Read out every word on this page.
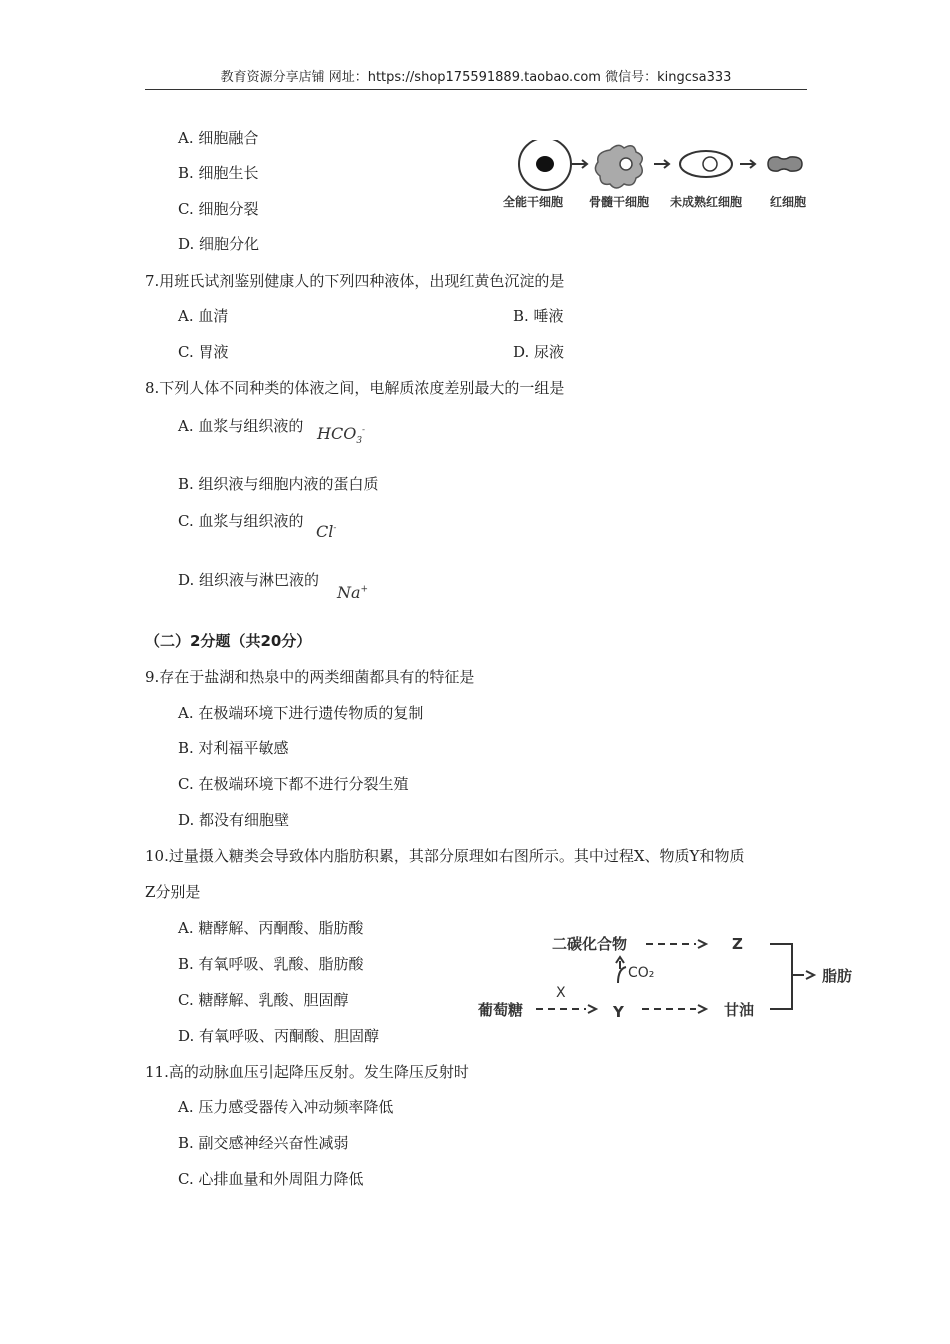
教育资源分享店铺 网址：https://shop175591889.taobao.com 微信号：kingcsa333
A. 细胞融合
B. 细胞生长
C. 细胞分裂
D. 细胞分化
全能干细胞 骨髓干细胞 未成熟红细胞 红细胞
7.用班氏试剂鉴别健康人的下列四种液体，出现红黄色沉淀的是
A. 血清	B. 唾液
C. 胃液	D. 尿液
8.下列人体不同种类的体液之间，电解质浓度差别最大的一组是
A. 血浆与组织液的 $HCO_3^-$
B. 组织液与细胞内液的蛋白质
C. 血浆与组织液的
Cl-
D. 组织液与淋巴液的
Na+
（二）2分题（共20分）
9.存在于盐湖和热泉中的两类细菌都具有的特征是
A. 在极端环境下进行遗传物质的复制
B. 对利福平敏感
C. 在极端环境下都不进行分裂生殖
D. 都没有细胞壁
10.过量摄入糖类会导致体内脂肪积累，其部分原理如右图所示。其中过程X、物质Y和物质
Z分别是
A. 糖酵解、丙酮酸、脂肪酸
B. 有氧呼吸、乳酸、脂肪酸
C. 糖酵解、乳酸、胆固醇
D. 有氧呼吸、丙酮酸、胆固醇
二碳化合物	Z
CO₂
X
葡萄糖	Y	甘油
脂肪
11.高的动脉血压引起降压反射。发生降压反射时
A. 压力感受器传入冲动频率降低
B. 副交感神经兴奋性减弱
C. 心排血量和外周阻力降低
